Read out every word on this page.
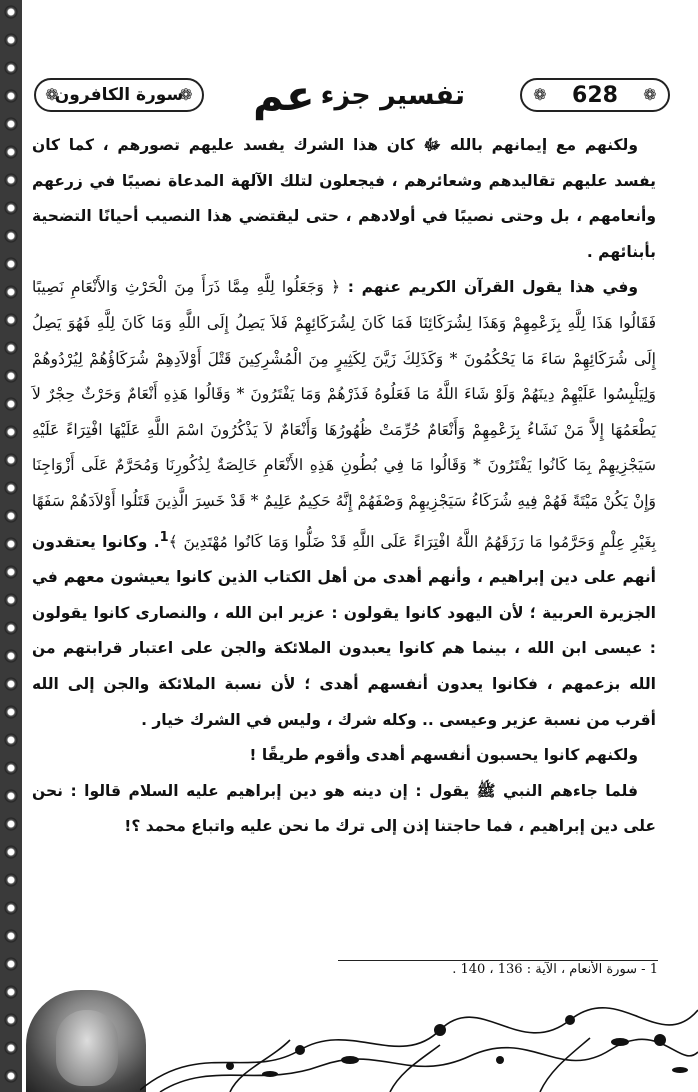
❁
سورة الكافرون
❁	تفسير جزء
عم	❁ 628 ❁

ولكنهم مع إيمانهم بالله ﷻ كان هذا الشرك يفسد عليهم تصورهم ، كما كان يفسد عليهم تقاليدهم وشعائرهم ، فيجعلون لتلك الآلهة المدعاة نصيبًا في زرعهم وأنعامهم ، بل وحتى نصيبًا في أولادهم ، حتى ليقتضي هذا النصيب أحيانًا التضحية بأبنائهم .

وفي هذا يقول القرآن الكريم عنهم : ﴿ وَجَعَلُوا لِلَّهِ مِمَّا ذَرَأَ مِنَ الْحَرْثِ وَالأَنْعَامِ نَصِيبًا فَقَالُوا هَذَا لِلَّهِ بِزَعْمِهِمْ وَهَذَا لِشُرَكَائِنَا فَمَا كَانَ لِشُرَكَائِهِمْ فَلاَ يَصِلُ إِلَى اللَّهِ وَمَا كَانَ لِلَّهِ فَهُوَ يَصِلُ إِلَى شُرَكَائِهِمْ سَاءَ مَا يَحْكُمُونَ * وَكَذَلِكَ زَيَّنَ لِكَثِيرٍ مِنَ الْمُشْرِكِينَ قَتْلَ أَوْلاَدِهِمْ شُرَكَاؤُهُمْ لِيُرْدُوهُمْ وَلِيَلْبِسُوا عَلَيْهِمْ دِينَهُمْ وَلَوْ شَاءَ اللَّهُ مَا فَعَلُوهُ فَذَرْهُمْ وَمَا يَفْتَرُونَ * وَقَالُوا هَذِهِ أَنْعَامٌ وَحَرْثٌ حِجْرٌ لاَ يَطْعَمُهَا إِلاَّ مَنْ نَشَاءُ بِزَعْمِهِمْ وَأَنْعَامٌ حُرِّمَتْ ظُهُورُهَا وَأَنْعَامٌ لاَ يَذْكُرُونَ اسْمَ اللَّهِ عَلَيْهَا افْتِرَاءً عَلَيْهِ سَيَجْزِيهِمْ بِمَا كَانُوا يَفْتَرُونَ * وَقَالُوا مَا فِي بُطُونِ هَذِهِ الأَنْعَامِ خَالِصَةٌ لِذُكُورِنَا وَمُحَرَّمٌ عَلَى أَزْوَاجِنَا وَإِنْ يَكُنْ مَيْتَةً فَهُمْ فِيهِ شُرَكَاءُ سَيَجْزِيهِمْ وَصْفَهُمْ إِنَّهُ حَكِيمٌ عَلِيمٌ * قَدْ خَسِرَ الَّذِينَ قَتَلُوا أَوْلاَدَهُمْ سَفَهًا بِغَيْرِ عِلْمٍ وَحَرَّمُوا مَا رَزَقَهُمُ اللَّهُ افْتِرَاءً عَلَى اللَّهِ قَدْ ضَلُّوا وَمَا كَانُوا مُهْتَدِينَ ﴾$^1$. وكانوا يعتقدون أنهم على دين إبراهيم ، وأنهم أهدى من أهل الكتاب الذين كانوا يعيشون معهم في الجزيرة العربية ؛ لأن اليهود كانوا يقولون : عزير ابن الله ، والنصارى كانوا يقولون : عيسى ابن الله ، بينما هم كانوا يعبدون الملائكة والجن على اعتبار قرابتهم من الله بزعمهم ، فكانوا يعدون أنفسهم أهدى ؛ لأن نسبة الملائكة والجن إلى الله أقرب من نسبة عزير وعيسى .. وكله شرك ، وليس في الشرك خيار .

ولكنهم كانوا يحسبون أنفسهم أهدى وأقوم طريقًا !

فلما جاءهم النبي ﷺ يقول : إن دينه هو دين إبراهيم عليه السلام قالوا : نحن على دين إبراهيم ، فما حاجتنا إذن إلى ترك ما نحن عليه واتباع محمد ؟!

1 - سورة الأنعام ، الآية : 136 ، 140 .
